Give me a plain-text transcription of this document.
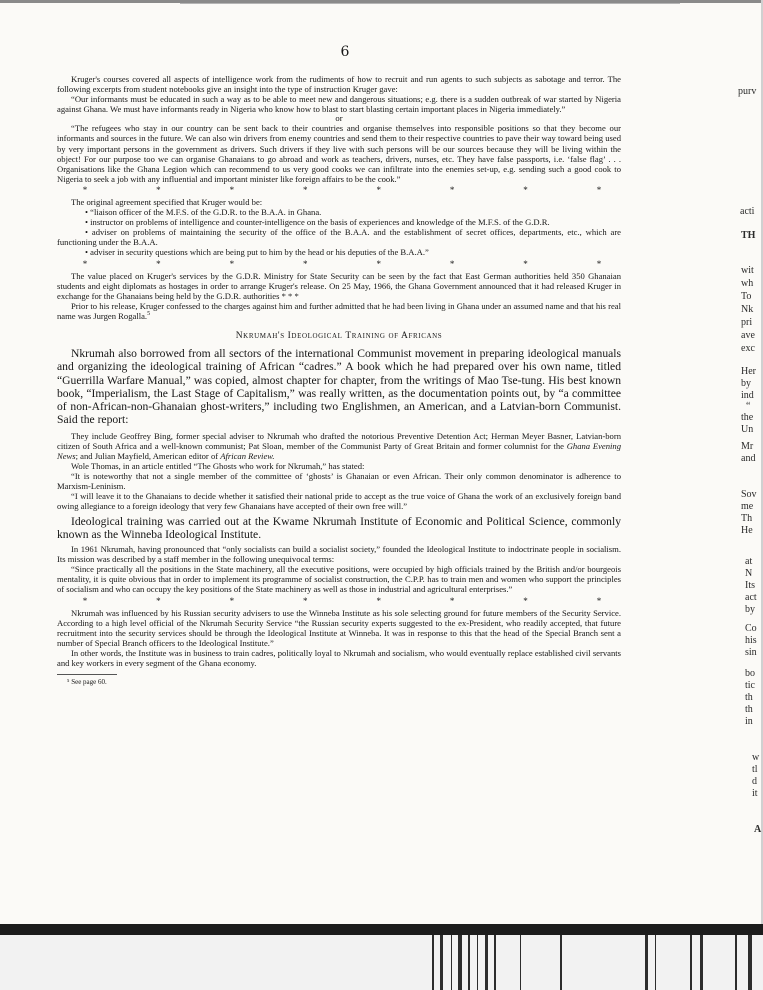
6

Kruger's courses covered all aspects of intelligence work from the rudiments of how to recruit and run agents to such subjects as sabotage and terror. The following excerpts from student notebooks give an insight into the type of instruction Kruger gave:

“Our informants must be educated in such a way as to be able to meet new and dangerous situations; e.g. there is a sudden outbreak of war started by Nigeria against Ghana. We must have informants ready in Nigeria who know how to blast to start blasting certain important places in Nigeria immediately.”

or

“The refugees who stay in our country can be sent back to their countries and organise themselves into responsible positions so that they become our informants and sources in the future. We can also win drivers from enemy countries and send them to their respective countries to pave their way toward being used by very important persons in the government as drivers. Such drivers if they live with such persons will be our sources because they will be living within the object! For our purpose too we can organise Ghanaians to go abroad and work as teachers, drivers, nurses, etc. They have false passports, i.e. ‘false flag’ . . . Organisations like the Ghana Legion which can recommend to us very good cooks we can infiltrate into the enemies set-up, e.g. sending such a good cook to Nigeria to seek a job with any influential and important minister like foreign affairs to be the cook.”

*	*	*	*	*	*	*	*

The original agreement specified that Kruger would be:

• “liaison officer of the M.F.S. of the G.D.R. to the B.A.A. in Ghana.

• instructor on problems of intelligence and counter-intelligence on the basis of experiences and knowledge of the M.F.S. of the G.D.R.

• adviser on problems of maintaining the security of the office of the B.A.A. and the establishment of secret offices, departments, etc., which are functioning under the B.A.A.

• adviser in security questions which are being put to him by the head or his deputies of the B.A.A.”

*	*	*	*	*	*	*	*

The value placed on Kruger's services by the G.D.R. Ministry for State Security can be seen by the fact that East German authorities held 350 Ghanaian students and eight diplomats as hostages in order to arrange Kruger's release. On 25 May, 1966, the Ghana Government announced that it had released Kruger in exchange for the Ghanaians being held by the G.D.R. authorities * * *

Prior to his release, Kruger confessed to the charges against him and further admitted that he had been living in Ghana under an assumed name and that his real name was Jurgen Rogalla.$^5$

Nkrumah's Ideological Training of Africans

Nkrumah also borrowed from all sectors of the international Communist movement in preparing ideological manuals and organizing the ideological training of African “cadres.” A book which he had prepared over his own name, titled “Guerrilla Warfare Manual,” was copied, almost chapter for chapter, from the writings of Mao Tse-tung. His best known book, “Imperialism, the Last Stage of Capitalism,” was really written, as the documentation points out, by “a committee of non-African-non-Ghanaian ghost-writers,” including two Englishmen, an American, and a Latvian-born Communist. Said the report:

They include Geoffrey Bing, former special adviser to Nkrumah who drafted the notorious Preventive Detention Act; Herman Meyer Basner, Latvian-born citizen of South Africa and a well-known communist; Pat Sloan, member of the Communist Party of Great Britain and former columnist for the Ghana Evening News; and Julian Mayfield, American editor of African Review.

Wole Thomas, in an article entitled “The Ghosts who work for Nkrumah,” has stated:

“It is noteworthy that not a single member of the committee of ‘ghosts’ is Ghanaian or even African. Their only common denominator is adherence to Marxism-Leninism.

“I will leave it to the Ghanaians to decide whether it satisfied their national pride to accept as the true voice of Ghana the work of an exclusively foreign band owing allegiance to a foreign ideology that very few Ghanaians have accepted of their own free will.”

Ideological training was carried out at the Kwame Nkrumah Institute of Economic and Political Science, commonly known as the Winneba Ideological Institute.

In 1961 Nkrumah, having pronounced that “only socialists can build a socialist society,” founded the Ideological Institute to indoctrinate people in socialism. Its mission was described by a staff member in the following unequivocal terms:

“Since practically all the positions in the State machinery, all the executive positions, were occupied by high officials trained by the British and/or bourgeois mentality, it is quite obvious that in order to implement its programme of socialist construction, the C.P.P. has to train men and women who support the principles of socialism and who can occupy the key positions of the State machinery as well as those in industrial and agricultural enterprises.”

*	*	*	*	*	*	*	*

Nkrumah was influenced by his Russian security advisers to use the Winneba Institute as his sole selecting ground for future members of the Security Service. According to a high level official of the Nkrumah Security Service “the Russian security experts suggested to the ex-President, who readily accepted, that future recruitment into the security services should be through the Ideological Institute at Winneba. It was in response to this that the head of the Special Branch sent a number of Special Branch officers to the Ideological Institute.”

In other words, the Institute was in business to train cadres, politically loyal to Nkrumah and socialism, who would eventually replace established civil servants and key workers in every segment of the Ghana economy.

⁵ See page 60.
purv
acti
TH
wit
wh
To
Nk
pri
ave
exc
Her
by
ind
“
the
Un
Mr
and
Sov
me
Th
He
at
N
Its
act
by
Co
his
sin
bo
tic
th
th
in
w
tl
d
it
A
